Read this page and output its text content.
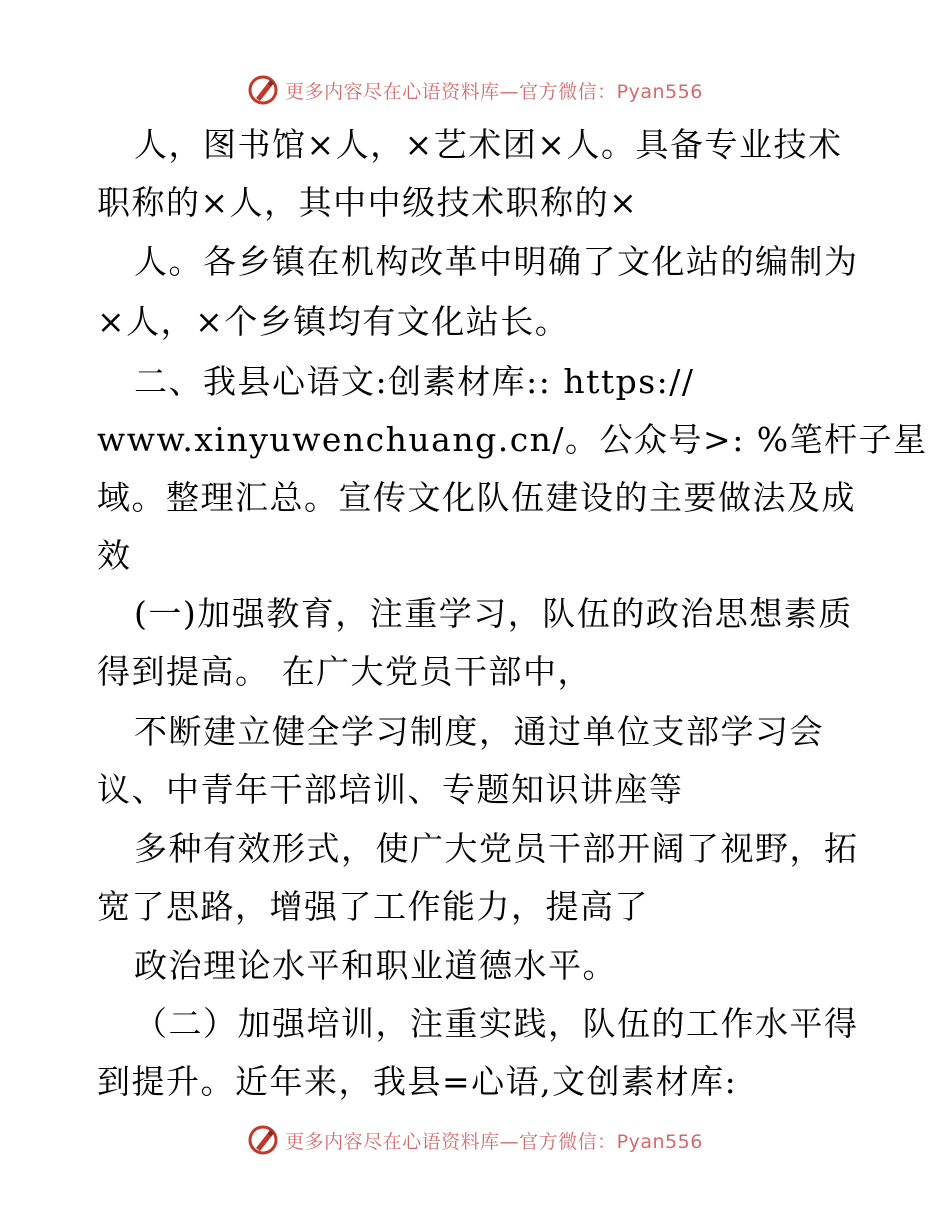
更多内容尽在心语资料库—官方微信：Pyan556
人，图书馆×人，×艺术团×人。具备专业技术
职称的×人，其中中级技术职称的×
人。各乡镇在机构改革中明确了文化站的编制为
×人，×个乡镇均有文化站长。
二、我县心语文:创素材库:: https://
www.xinyuwenchuang.cn/。公众号>: %笔杆子星
域。整理汇总。宣传文化队伍建设的主要做法及成
效
(一)加强教育，注重学习，队伍的政治思想素质
得到提高。 在广大党员干部中，
不断建立健全学习制度，通过单位支部学习会
议、中青年干部培训、专题知识讲座等
多种有效形式，使广大党员干部开阔了视野，拓
宽了思路，增强了工作能力，提高了
政治理论水平和职业道德水平。
（二）加强培训，注重实践，队伍的工作水平得
到提升。近年来，我县=心语,文创素材库:
更多内容尽在心语资料库—官方微信：Pyan556
